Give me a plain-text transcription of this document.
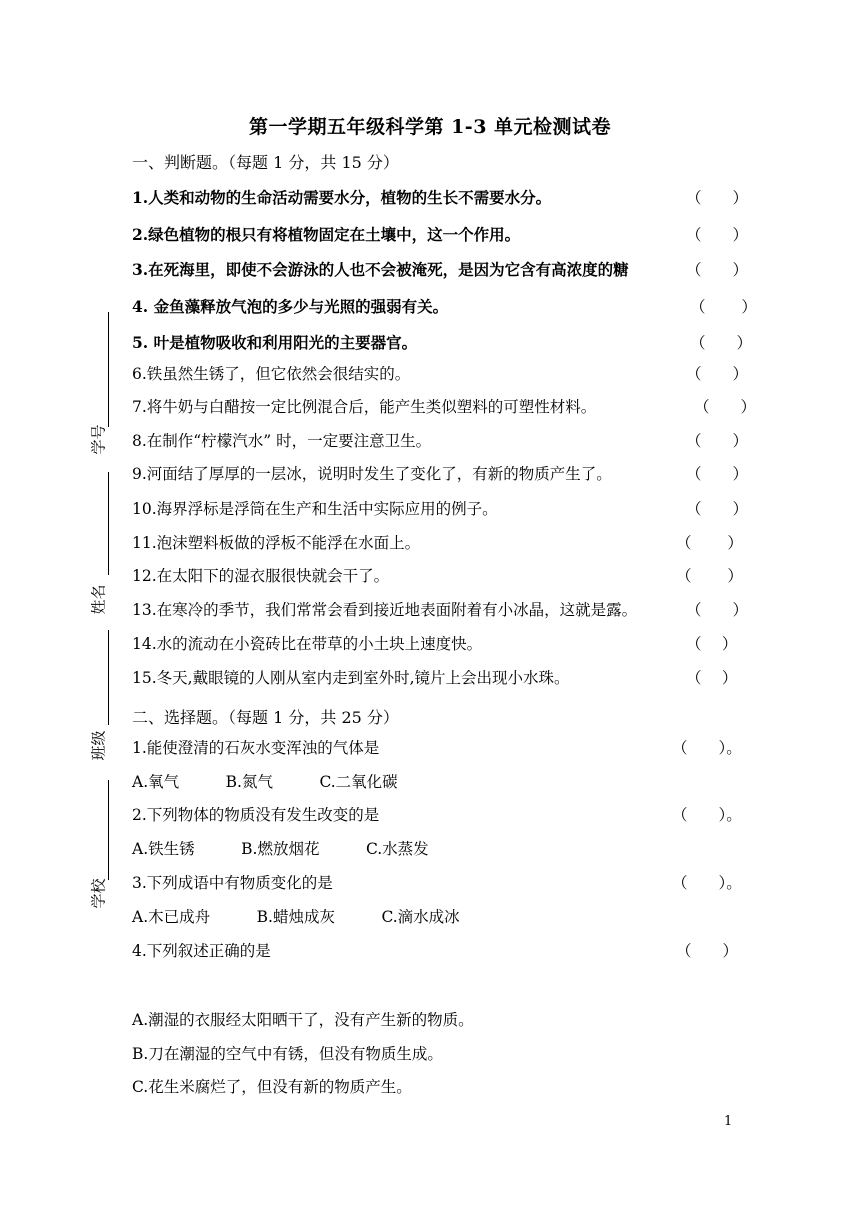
第一学期五年级科学第 1-3 单元检测试卷
一、判断题。（每题 1 分，共 15 分）
1.人类和动物的生命活动需要水分，植物的生长不需要水分。	（　　）
2.绿色植物的根只有将植物固定在土壤中，这一个作用。	（　　）
3.在死海里，即使不会游泳的人也不会被淹死，是因为它含有高浓度的糖	（　　）
4. 金鱼藻释放气泡的多少与光照的强弱有关。	（　　 ）
5. 叶是植物吸收和利用阳光的主要器官。	（　　）
6.铁虽然生锈了，但它依然会很结实的。	（　　）
7.将牛奶与白醋按一定比例混合后，能产生类似塑料的可塑性材料。	（　　）
8.在制作“柠檬汽水” 时，一定要注意卫生。	（　　）
9.河面结了厚厚的一层冰，说明时发生了变化了，有新的物质产生了。	（　　）
10.海界浮标是浮筒在生产和生活中实际应用的例子。	（　　）
11.泡沫塑料板做的浮板不能浮在水面上。	（　　 ）
12.在太阳下的湿衣服很快就会干了。	（　　 ）
13.在寒冷的季节，我们常常会看到接近地表面附着有小冰晶，这就是露。	（　　）
14.水的流动在小瓷砖比在带草的小土块上速度快。	（　 ）
15.冬天,戴眼镜的人刚从室内走到室外时,镜片上会出现小水珠。	（　 ）
二、选择题。（每题 1 分，共 25 分）
1.能使澄清的石灰水变浑浊的气体是	（　　）。
A.氧气　　　B.氮气　　　C.二氧化碳
2.下列物体的物质没有发生改变的是	（　　）。
A.铁生锈　　　B.燃放烟花　　　C.水蒸发
3.下列成语中有物质变化的是	（　　）。
A.木已成舟　　　B.蜡烛成灰　　　C.滴水成冰
4.下列叙述正确的是	（　　）
A.潮湿的衣服经太阳晒干了，没有产生新的物质。
B.刀在潮湿的空气中有锈，但没有物质生成。
C.花生米腐烂了，但没有新的物质产生。
学号
姓名
班级
学校
1
